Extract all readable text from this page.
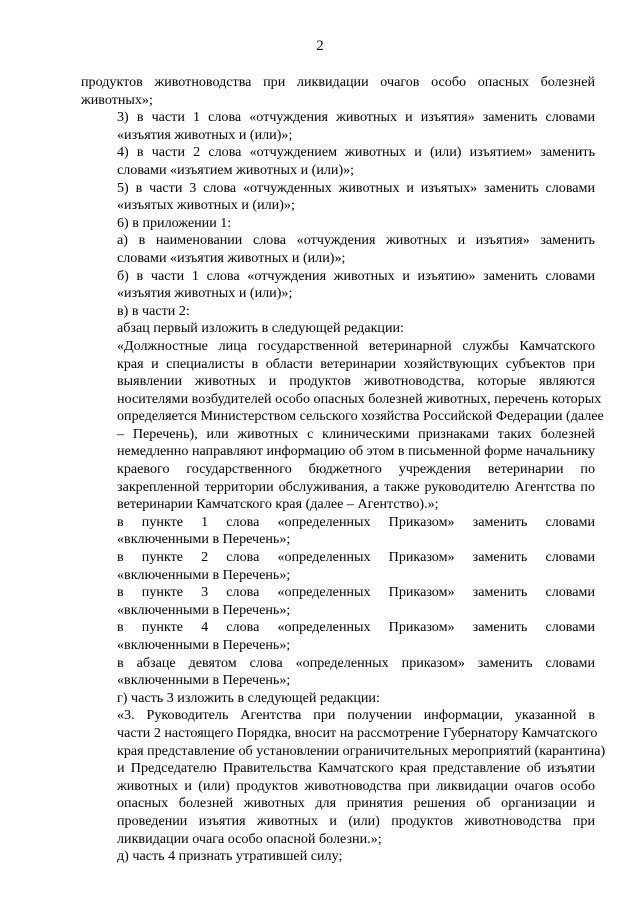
2
продуктов животноводства при ликвидации очагов особо опасных болезней
животных»;
3) в части 1 слова «отчуждения животных и изъятия» заменить словами
«изъятия животных и (или)»;
4) в части 2 слова «отчуждением животных и (или) изъятием» заменить
словами «изъятием животных и (или)»;
5) в части 3 слова «отчужденных животных и изъятых» заменить словами
«изъятых животных и (или)»;
6) в приложении 1:
а) в наименовании слова «отчуждения животных и изъятия» заменить
словами «изъятия животных и (или)»;
б) в части 1 слова «отчуждения животных и изъятию» заменить словами
«изъятия животных и (или)»;
в) в части 2:
абзац первый изложить в следующей редакции:
«Должностные лица государственной ветеринарной службы Камчатского
края и специалисты в области ветеринарии хозяйствующих субъектов при
выявлении животных и продуктов животноводства, которые являются
носителями возбудителей особо опасных болезней животных, перечень которых
определяется Министерством сельского хозяйства Российской Федерации (далее
– Перечень), или животных с клиническими признаками таких болезней
немедленно направляют информацию об этом в письменной форме начальнику
краевого государственного бюджетного учреждения ветеринарии по
закрепленной территории обслуживания, а также руководителю Агентства по
ветеринарии Камчатского края (далее – Агентство).»;
в пункте 1 слова «определенных Приказом» заменить словами
«включенными в Перечень»;
в пункте 2 слова «определенных Приказом» заменить словами
«включенными в Перечень»;
в пункте 3 слова «определенных Приказом» заменить словами
«включенными в Перечень»;
в пункте 4 слова «определенных Приказом» заменить словами
«включенными в Перечень»;
в абзаце девятом слова «определенных приказом» заменить словами
«включенными в Перечень»;
г) часть 3 изложить в следующей редакции:
«3. Руководитель Агентства при получении информации, указанной в
части 2 настоящего Порядка, вносит на рассмотрение Губернатору Камчатского
края представление об установлении ограничительных мероприятий (карантина)
и Председателю Правительства Камчатского края представление об изъятии
животных и (или) продуктов животноводства при ликвидации очагов особо
опасных болезней животных для принятия решения об организации и
проведении изъятия животных и (или) продуктов животноводства при
ликвидации очага особо опасной болезни.»;
д) часть 4 признать утратившей силу;
